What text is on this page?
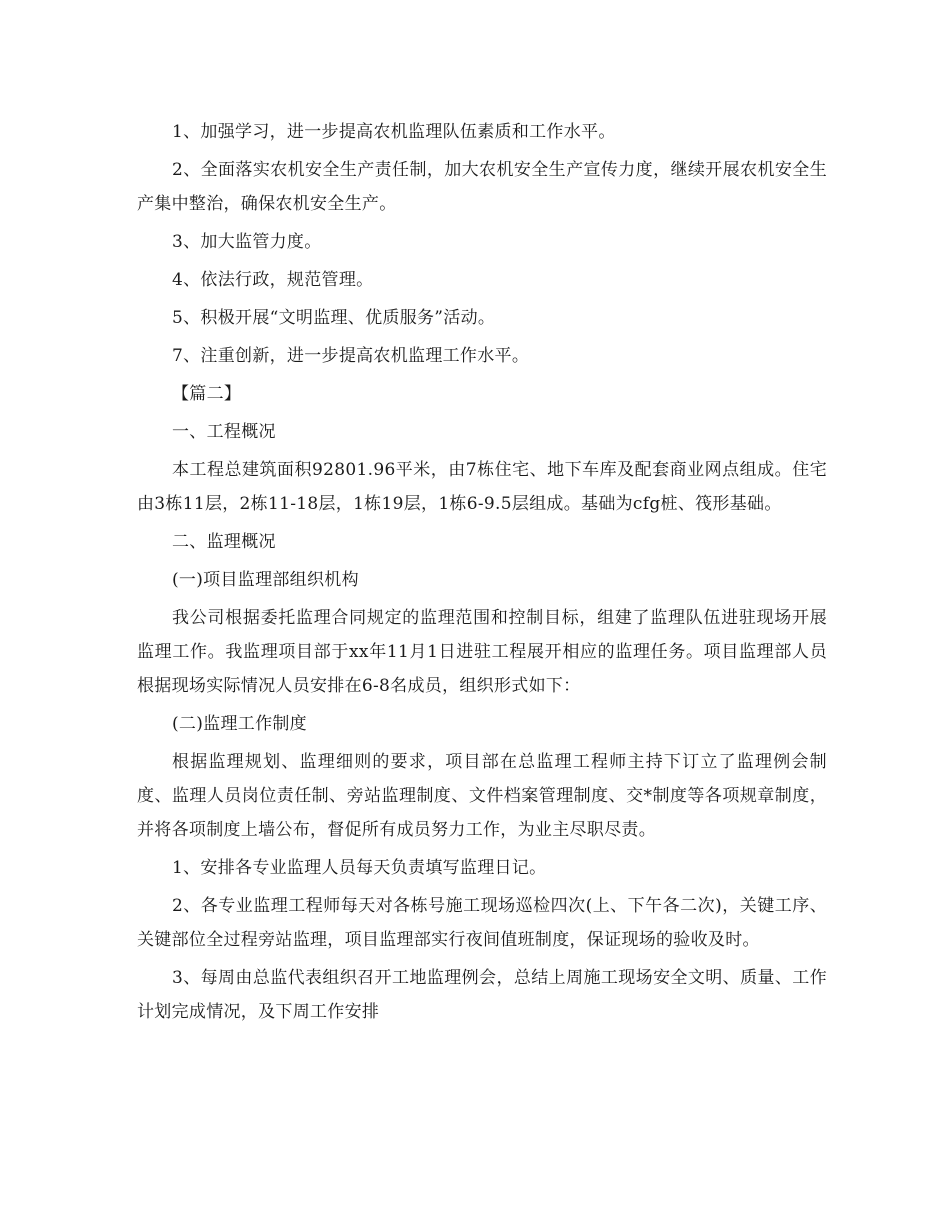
1、加强学习，进一步提高农机监理队伍素质和工作水平。

2、全面落实农机安全生产责任制，加大农机安全生产宣传力度，继续开展农机安全生产集中整治，确保农机安全生产。

3、加大监管力度。

4、依法行政，规范管理。

5、积极开展“文明监理、优质服务”活动。

7、注重创新，进一步提高农机监理工作水平。

【篇二】

一、工程概况

本工程总建筑面积92801.96平米，由7栋住宅、地下车库及配套商业网点组成。住宅由3栋11层，2栋11-18层，1栋19层，1栋6-9.5层组成。基础为cfg桩、筏形基础。

二、监理概况

(一)项目监理部组织机构

我公司根据委托监理合同规定的监理范围和控制目标，组建了监理队伍进驻现场开展监理工作。我监理项目部于xx年11月1日进驻工程展开相应的监理任务。项目监理部人员根据现场实际情况人员安排在6-8名成员，组织形式如下：

(二)监理工作制度

根据监理规划、监理细则的要求，项目部在总监理工程师主持下订立了监理例会制度、监理人员岗位责任制、旁站监理制度、文件档案管理制度、交*制度等各项规章制度，并将各项制度上墙公布，督促所有成员努力工作，为业主尽职尽责。

1、安排各专业监理人员每天负责填写监理日记。

2、各专业监理工程师每天对各栋号施工现场巡检四次(上、下午各二次)，关键工序、关键部位全过程旁站监理，项目监理部实行夜间值班制度，保证现场的验收及时。

3、每周由总监代表组织召开工地监理例会，总结上周施工现场安全文明、质量、工作计划完成情况，及下周工作安排
